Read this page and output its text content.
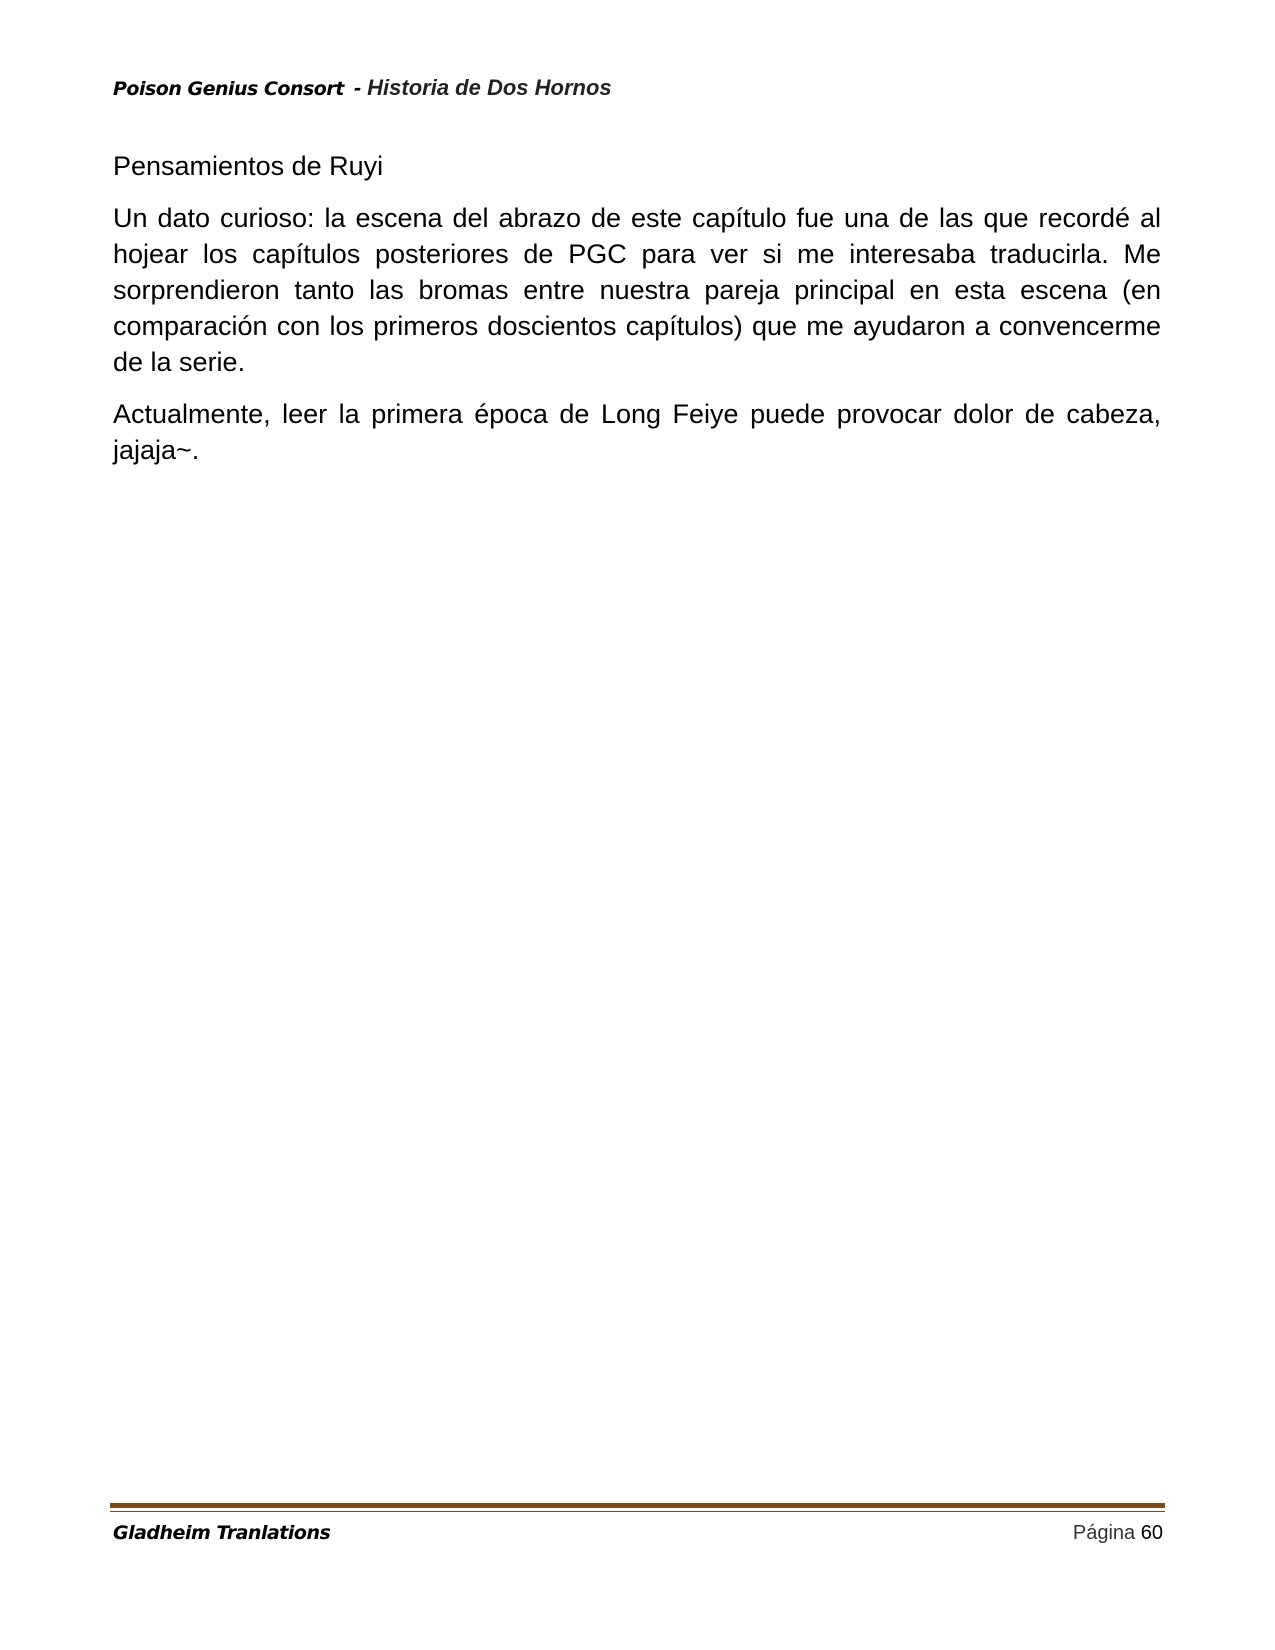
Poison Genius Consort - Historia de Dos Hornos
Pensamientos de Ruyi

Un dato curioso: la escena del abrazo de este capítulo fue una de las que recordé al hojear los capítulos posteriores de PGC para ver si me interesaba traducirla. Me sorprendieron tanto las bromas entre nuestra pareja principal en esta escena (en comparación con los primeros doscientos capítulos) que me ayudaron a convencerme de la serie.

Actualmente, leer la primera época de Long Feiye puede provocar dolor de cabeza, jajaja~.

Gladheim Tranlations	Página 60
